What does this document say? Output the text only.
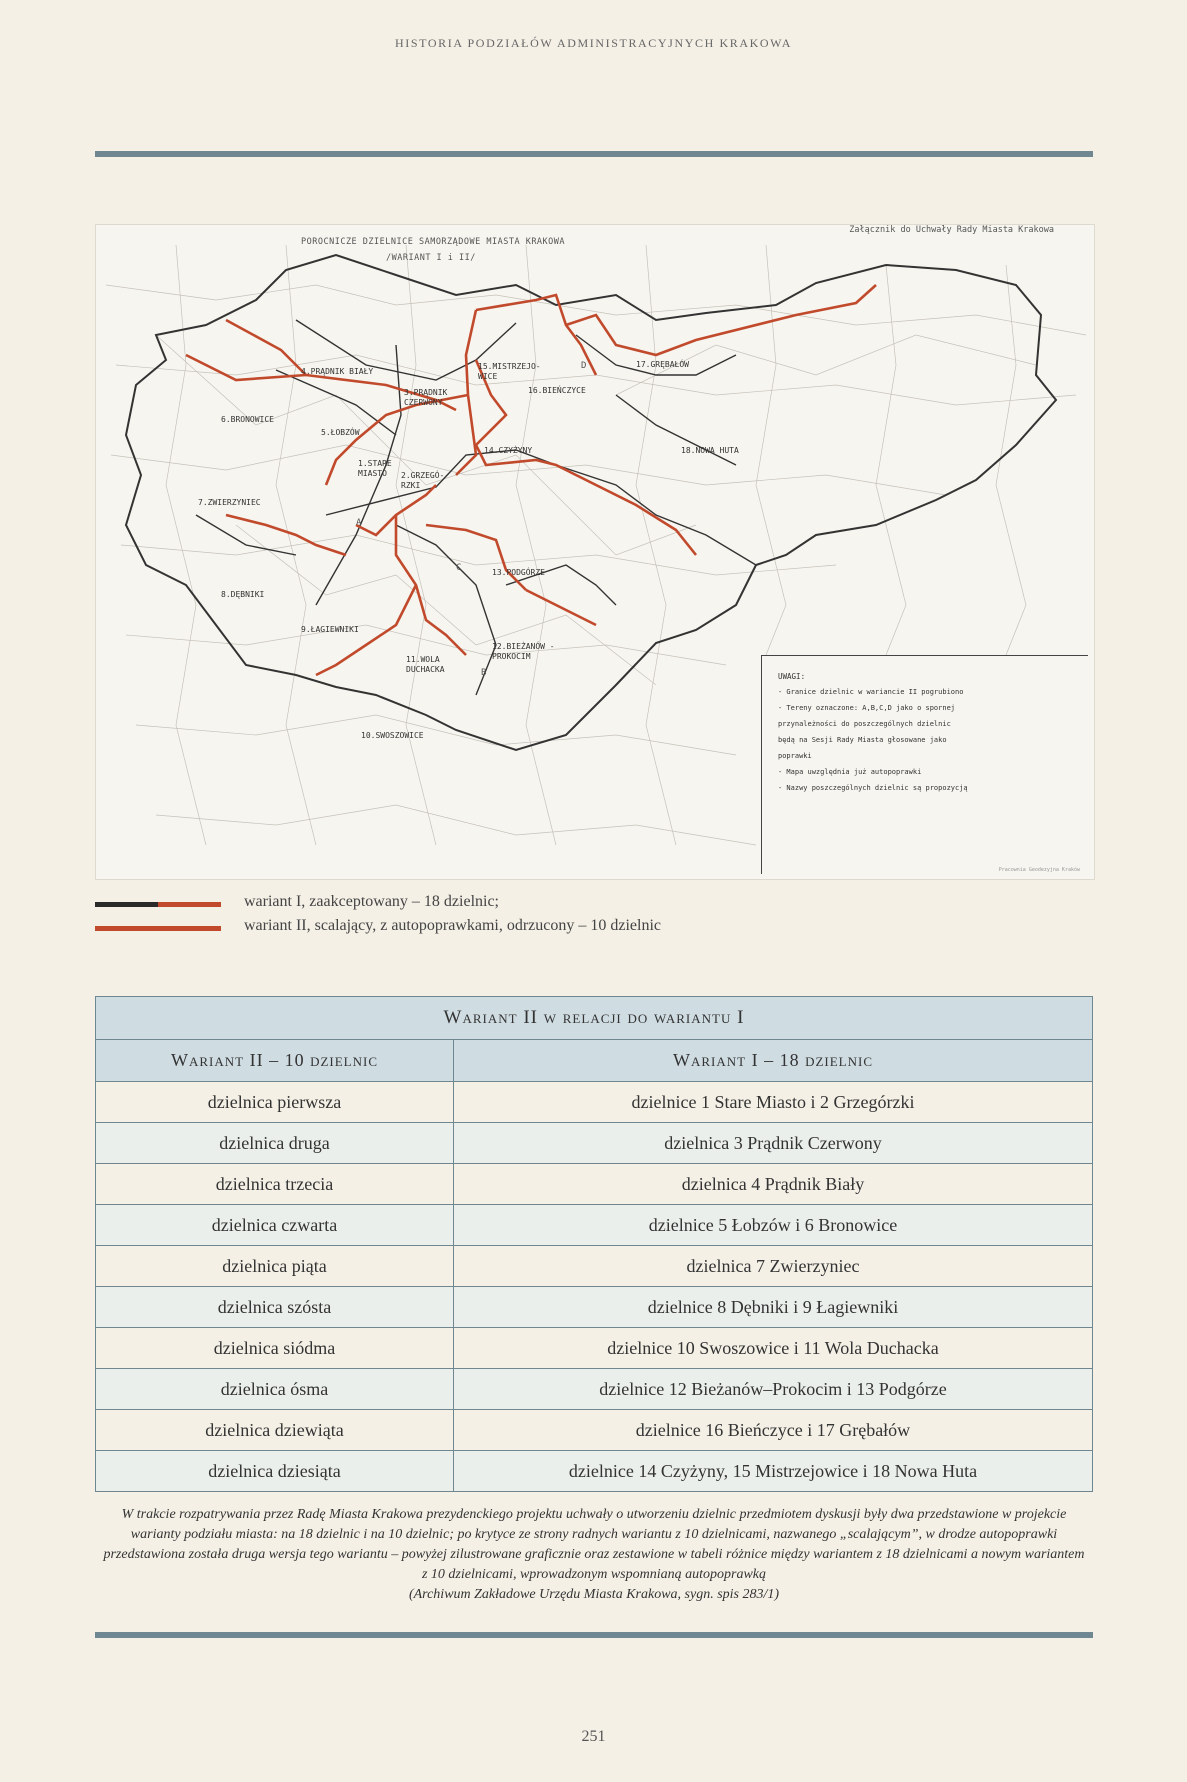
HISTORIA PODZIAŁÓW ADMINISTRACYJNYCH KRAKOWA
D
C
B
A
POROCNICZE DZIELNICE SAMORZĄDOWE MIASTA KRAKOWA
/WARIANT I i II/
Załącznik do Uchwały Rady Miasta Krakowa
4.PRĄDNIK BIAŁY
15.MISTRZEJO-
WICE
17.GRĘBAŁÓW
3.PRĄDNIK
CZERWONY
16.BIEŃCZYCE
6.BRONOWICE
5.ŁOBZÓW
14.CZYŻYNY	18.NOWA HUTA
1.STARE
MIASTO	2.GRZEGÓ-
RZKI
7.ZWIERZYNIEC
13.PODGÓRZE
8.DĘBNIKI
9.ŁAGIEWNIKI
12.BIEŻANÓW -
PROKOCIM
11.WOLA
DUCHACKA
10.SWOSZOWICE
UWAGI:
- Granice dzielnic w wariancie II pogrubiono
- Tereny oznaczone: A,B,C,D jako o spornej
przynależności do poszczególnych dzielnic
będą na Sesji Rady Miasta głosowane jako
poprawki
- Mapa uwzględnia już autopoprawki
- Nazwy poszczególnych dzielnic są propozycją
Pracownia Geodezyjna Kraków
wariant I, zaakceptowany – 18 dzielnic;
wariant II, scalający, z autopoprawkami, odrzucony – 10 dzielnic
Wariant II w relacji do wariantu I	
Wariant II – 10 dzielnic	Wariant I – 18 dzielnic
dzielnica pierwsza	dzielnice 1 Stare Miasto i 2 Grzegórzki
dzielnica druga	dzielnica 3 Prądnik Czerwony
dzielnica trzecia	dzielnica 4 Prądnik Biały
dzielnica czwarta	dzielnice 5 Łobzów i 6 Bronowice
dzielnica piąta	dzielnica 7 Zwierzyniec
dzielnica szósta	dzielnice 8 Dębniki i 9 Łagiewniki
dzielnica siódma	dzielnice 10 Swoszowice i 11 Wola Duchacka
dzielnica ósma	dzielnice 12 Bieżanów–Prokocim i 13 Podgórze
dzielnica dziewiąta	dzielnice 16 Bieńczyce i 17 Grębałów
dzielnica dziesiąta	dzielnice 14 Czyżyny, 15 Mistrzejowice i 18 Nowa Huta
W trakcie rozpatrywania przez Radę Miasta Krakowa prezydenckiego projektu uchwały o utworzeniu dzielnic przedmiotem dyskusji były dwa przedstawione w projekcie warianty podziału miasta: na 18 dzielnic i na 10 dzielnic; po krytyce ze strony radnych wariantu z 10 dzielnicami, nazwanego „scalającym”, w drodze autopoprawki przedstawiona została druga wersja tego wariantu – powyżej zilustrowane graficznie oraz zestawione w tabeli różnice między wariantem z 18 dzielnicami a nowym wariantem z 10 dzielnicami, wprowadzonym wspomnianą autopoprawką
(Archiwum Zakładowe Urzędu Miasta Krakowa, sygn. spis 283/1)
251
